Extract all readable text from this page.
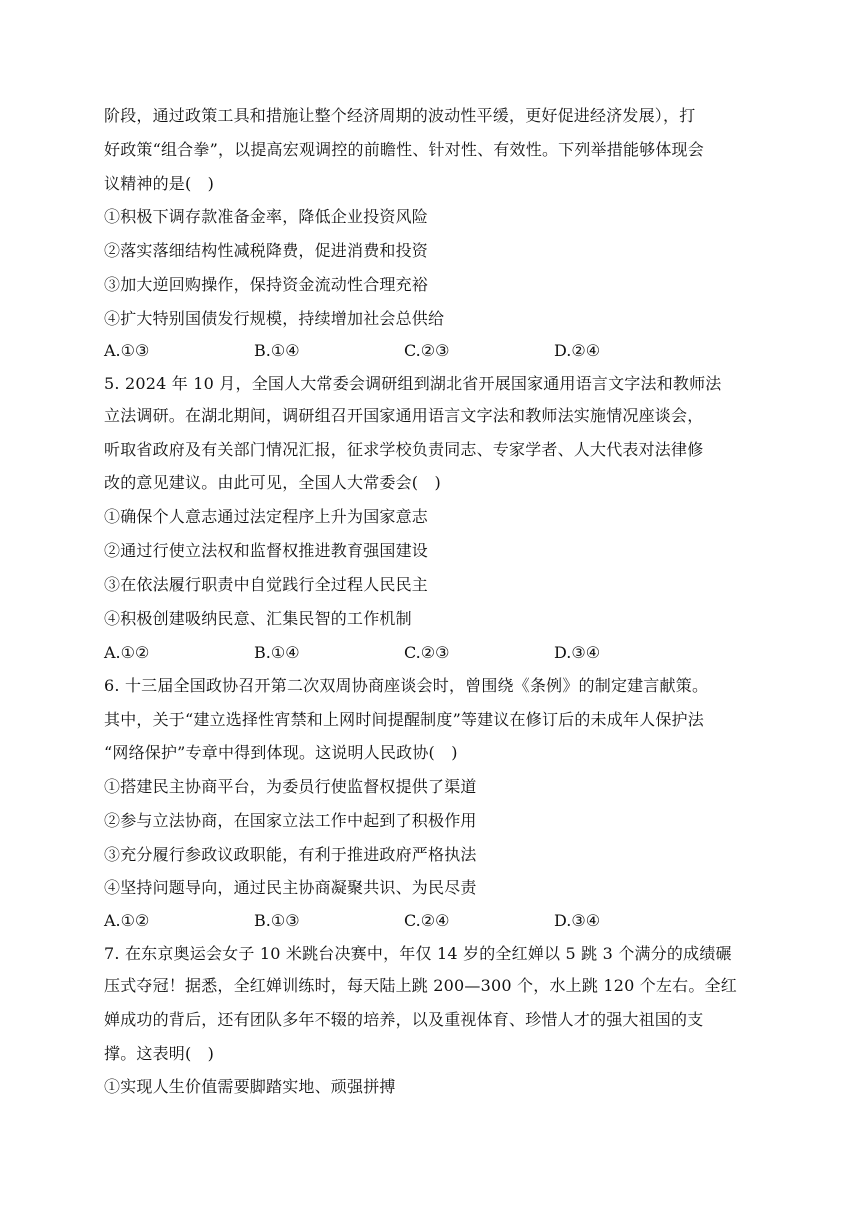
阶段，通过政策工具和措施让整个经济周期的波动性平缓，更好促进经济发展），打
好政策“组合拳”，以提高宏观调控的前瞻性、针对性、有效性。下列举措能够体现会
议精神的是(　)
①积极下调存款准备金率，降低企业投资风险
②落实落细结构性减税降费，促进消费和投资
③加大逆回购操作，保持资金流动性合理充裕
④扩大特别国债发行规模，持续增加社会总供给
A.①③	B.①④	C.②③	D.②④
5. 2024 年 10 月，全国人大常委会调研组到湖北省开展国家通用语言文字法和教师法
立法调研。在湖北期间，调研组召开国家通用语言文字法和教师法实施情况座谈会，
听取省政府及有关部门情况汇报，征求学校负责同志、专家学者、人大代表对法律修
改的意见建议。由此可见，全国人大常委会(　)
①确保个人意志通过法定程序上升为国家意志
②通过行使立法权和监督权推进教育强国建设
③在依法履行职责中自觉践行全过程人民民主
④积极创建吸纳民意、汇集民智的工作机制
A.①②	B.①④	C.②③	D.③④
6. 十三届全国政协召开第二次双周协商座谈会时，曾围绕《条例》的制定建言献策。
其中，关于“建立选择性宵禁和上网时间提醒制度”等建议在修订后的未成年人保护法
“网络保护”专章中得到体现。这说明人民政协(　)
①搭建民主协商平台，为委员行使监督权提供了渠道
②参与立法协商，在国家立法工作中起到了积极作用
③充分履行参政议政职能，有利于推进政府严格执法
④坚持问题导向，通过民主协商凝聚共识、为民尽责
A.①②	B.①③	C.②④	D.③④
7. 在东京奥运会女子 10 米跳台决赛中，年仅 14 岁的全红婵以 5 跳 3 个满分的成绩碾
压式夺冠！据悉，全红婵训练时，每天陆上跳 200—300 个，水上跳 120 个左右。全红
婵成功的背后，还有团队多年不辍的培养，以及重视体育、珍惜人才的强大祖国的支
撑。这表明(　)
①实现人生价值需要脚踏实地、顽强拼搏
